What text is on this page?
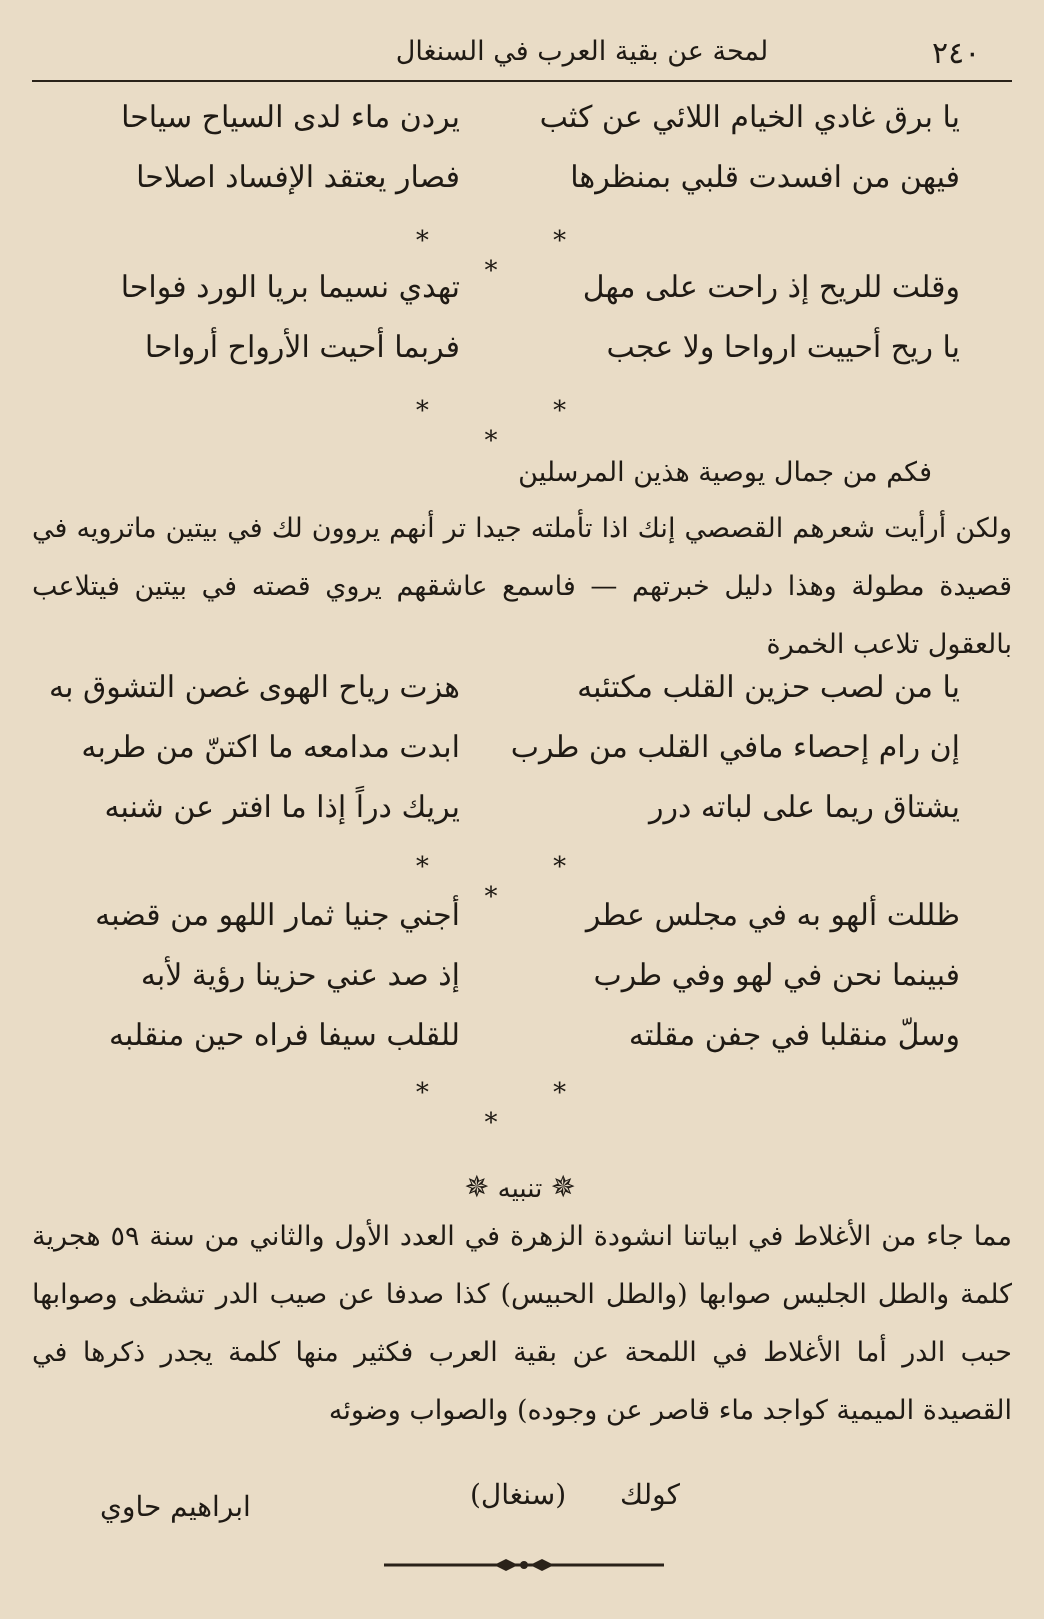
٢٤٠
لمحة عن بقية العرب في السنغال
يا برق غادي الخيام اللائي عن كثب
يردن ماء لدى السياح سياحا
فيهن من افسدت قلبي بمنظرها
فصار يعتقد الإفساد اصلاحا
* * * وقلت للريح إذ راحت على مهل
تهدي نسيما بريا الورد فواحا
يا ريح أحييت ارواحا ولا عجب
فربما أحيت الأرواح أرواحا
* * *

فكم من جمال يوصية هذين المرسلين

ولكن أرأيت شعرهم القصصي إنك اذا تأملته جيدا تر أنهم يروون لك في بيتين ماترويه في قصيدة مطولة وهذا دليل خبرتهم — فاسمع عاشقهم يروي قصته في بيتين فيتلاعب بالعقول تلاعب الخمرة

يا من لصب حزين القلب مكتئبه
هزت رياح الهوى غصن التشوق به
إن رام إحصاء مافي القلب من طرب
ابدت مدامعه ما اكتنّ من طربه
يشتاق ريما على لباته درر
يريك دراً إذا ما افتر عن شنبه
* * *
ظللت ألهو به في مجلس عطر
أجني جنيا ثمار اللهو من قضبه
فبينما نحن في لهو وفي طرب
إذ صد عني حزينا رؤية لأبه
وسلّ منقلبا في جفن مقلته
للقلب سيفا فراه حين منقلبه
* * *
✵ تنبيه ✵

مما جاء من الأغلاط في ابياتنا انشودة الزهرة في العدد الأول والثاني من سنة ٥٩ هجرية كلمة والطل الجليس صوابها (والطل الحبيس) كذا صدفا عن صيب الدر تشظى وصوابها حبب الدر أما الأغلاط في اللمحة عن بقية العرب فكثير منها كلمة يجدر ذكرها في القصيدة الميمية كواجد ماء قاصر عن وجوده) والصواب وضوئه

كولك
(سنغال)
ابراهيم حاوي
